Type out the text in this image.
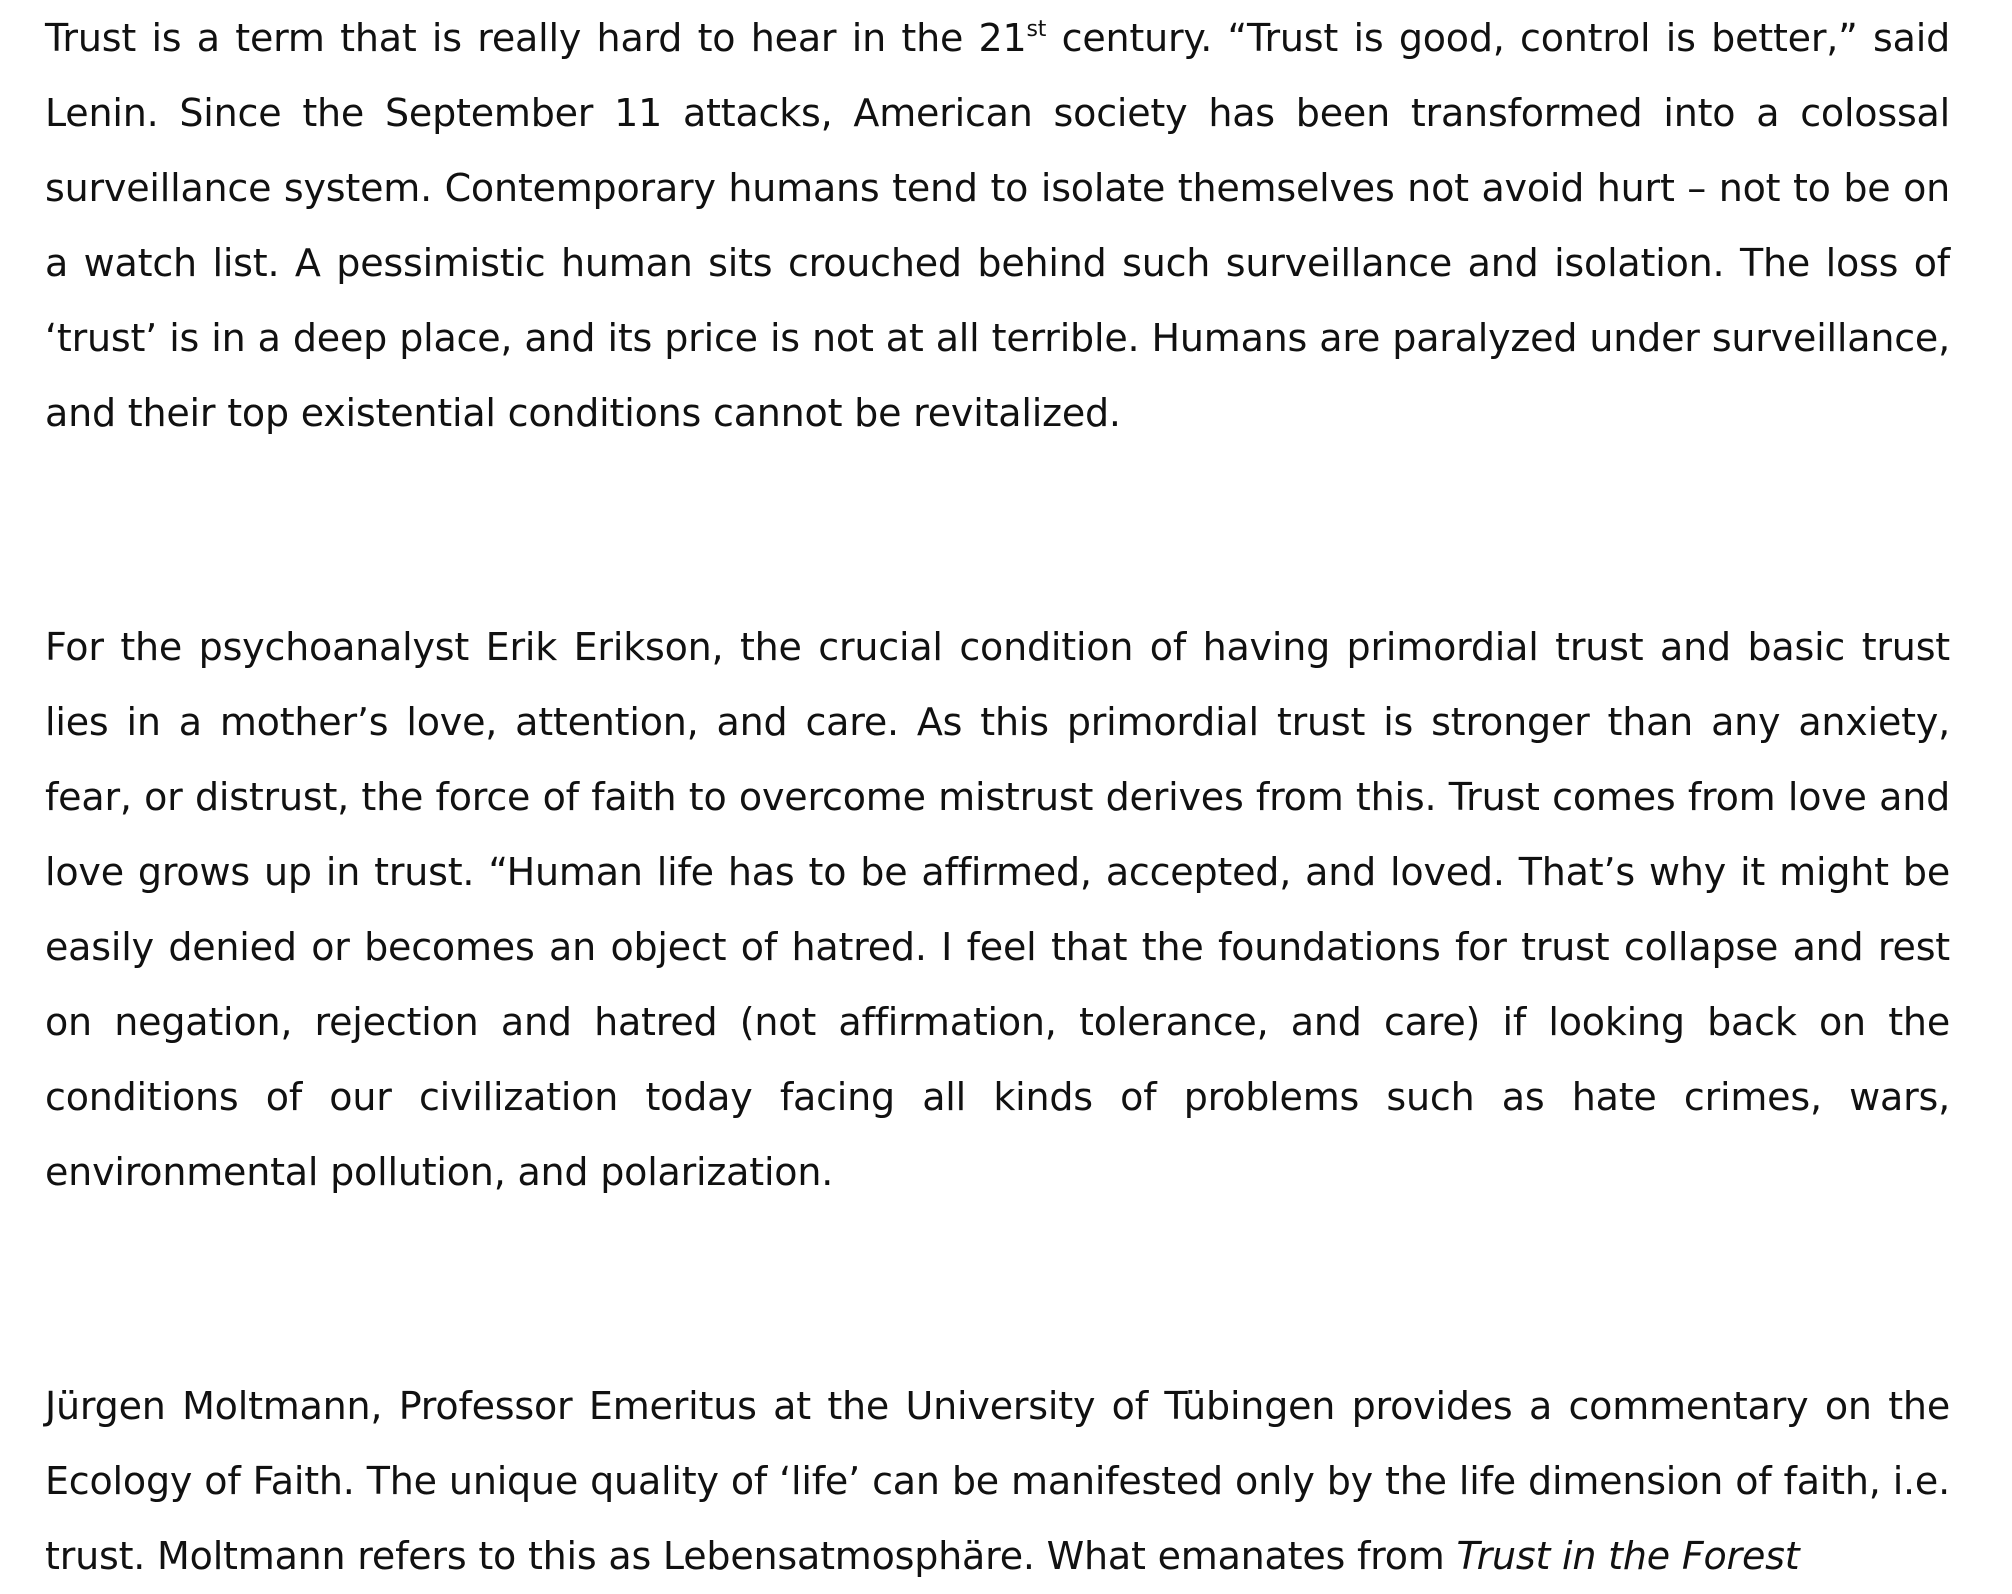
Trust is a term that is really hard to hear in the 21st century. “Trust is good, control is better,” said Lenin. Since the September 11 attacks, American society has been transformed into a colossal surveillance system. Contemporary humans tend to isolate themselves not avoid hurt – not to be on a watch list. A pessimistic human sits crouched behind such surveillance and isolation. The loss of ‘trust’ is in a deep place, and its price is not at all terrible. Humans are paralyzed under surveillance, and their top existential conditions cannot be revitalized.

For the psychoanalyst Erik Erikson, the crucial condition of having primordial trust and basic trust lies in a mother’s love, attention, and care. As this primordial trust is stronger than any anxiety, fear, or distrust, the force of faith to overcome mistrust derives from this. Trust comes from love and love grows up in trust. “Human life has to be affirmed, accepted, and loved. That’s why it might be easily denied or becomes an object of hatred. I feel that the foundations for trust collapse and rest on negation, rejection and hatred (not affirmation, tolerance, and care) if looking back on the conditions of our civilization today facing all kinds of problems such as hate crimes, wars, environmental pollution, and polarization.

Jürgen Moltmann, Professor Emeritus at the University of Tübingen provides a commentary on the Ecology of Faith. The unique quality of ‘life’ can be manifested only by the life dimension of faith, i.e. trust. Moltmann refers to this as Lebensatmosphäre. What emanates from Trust in the Forest
